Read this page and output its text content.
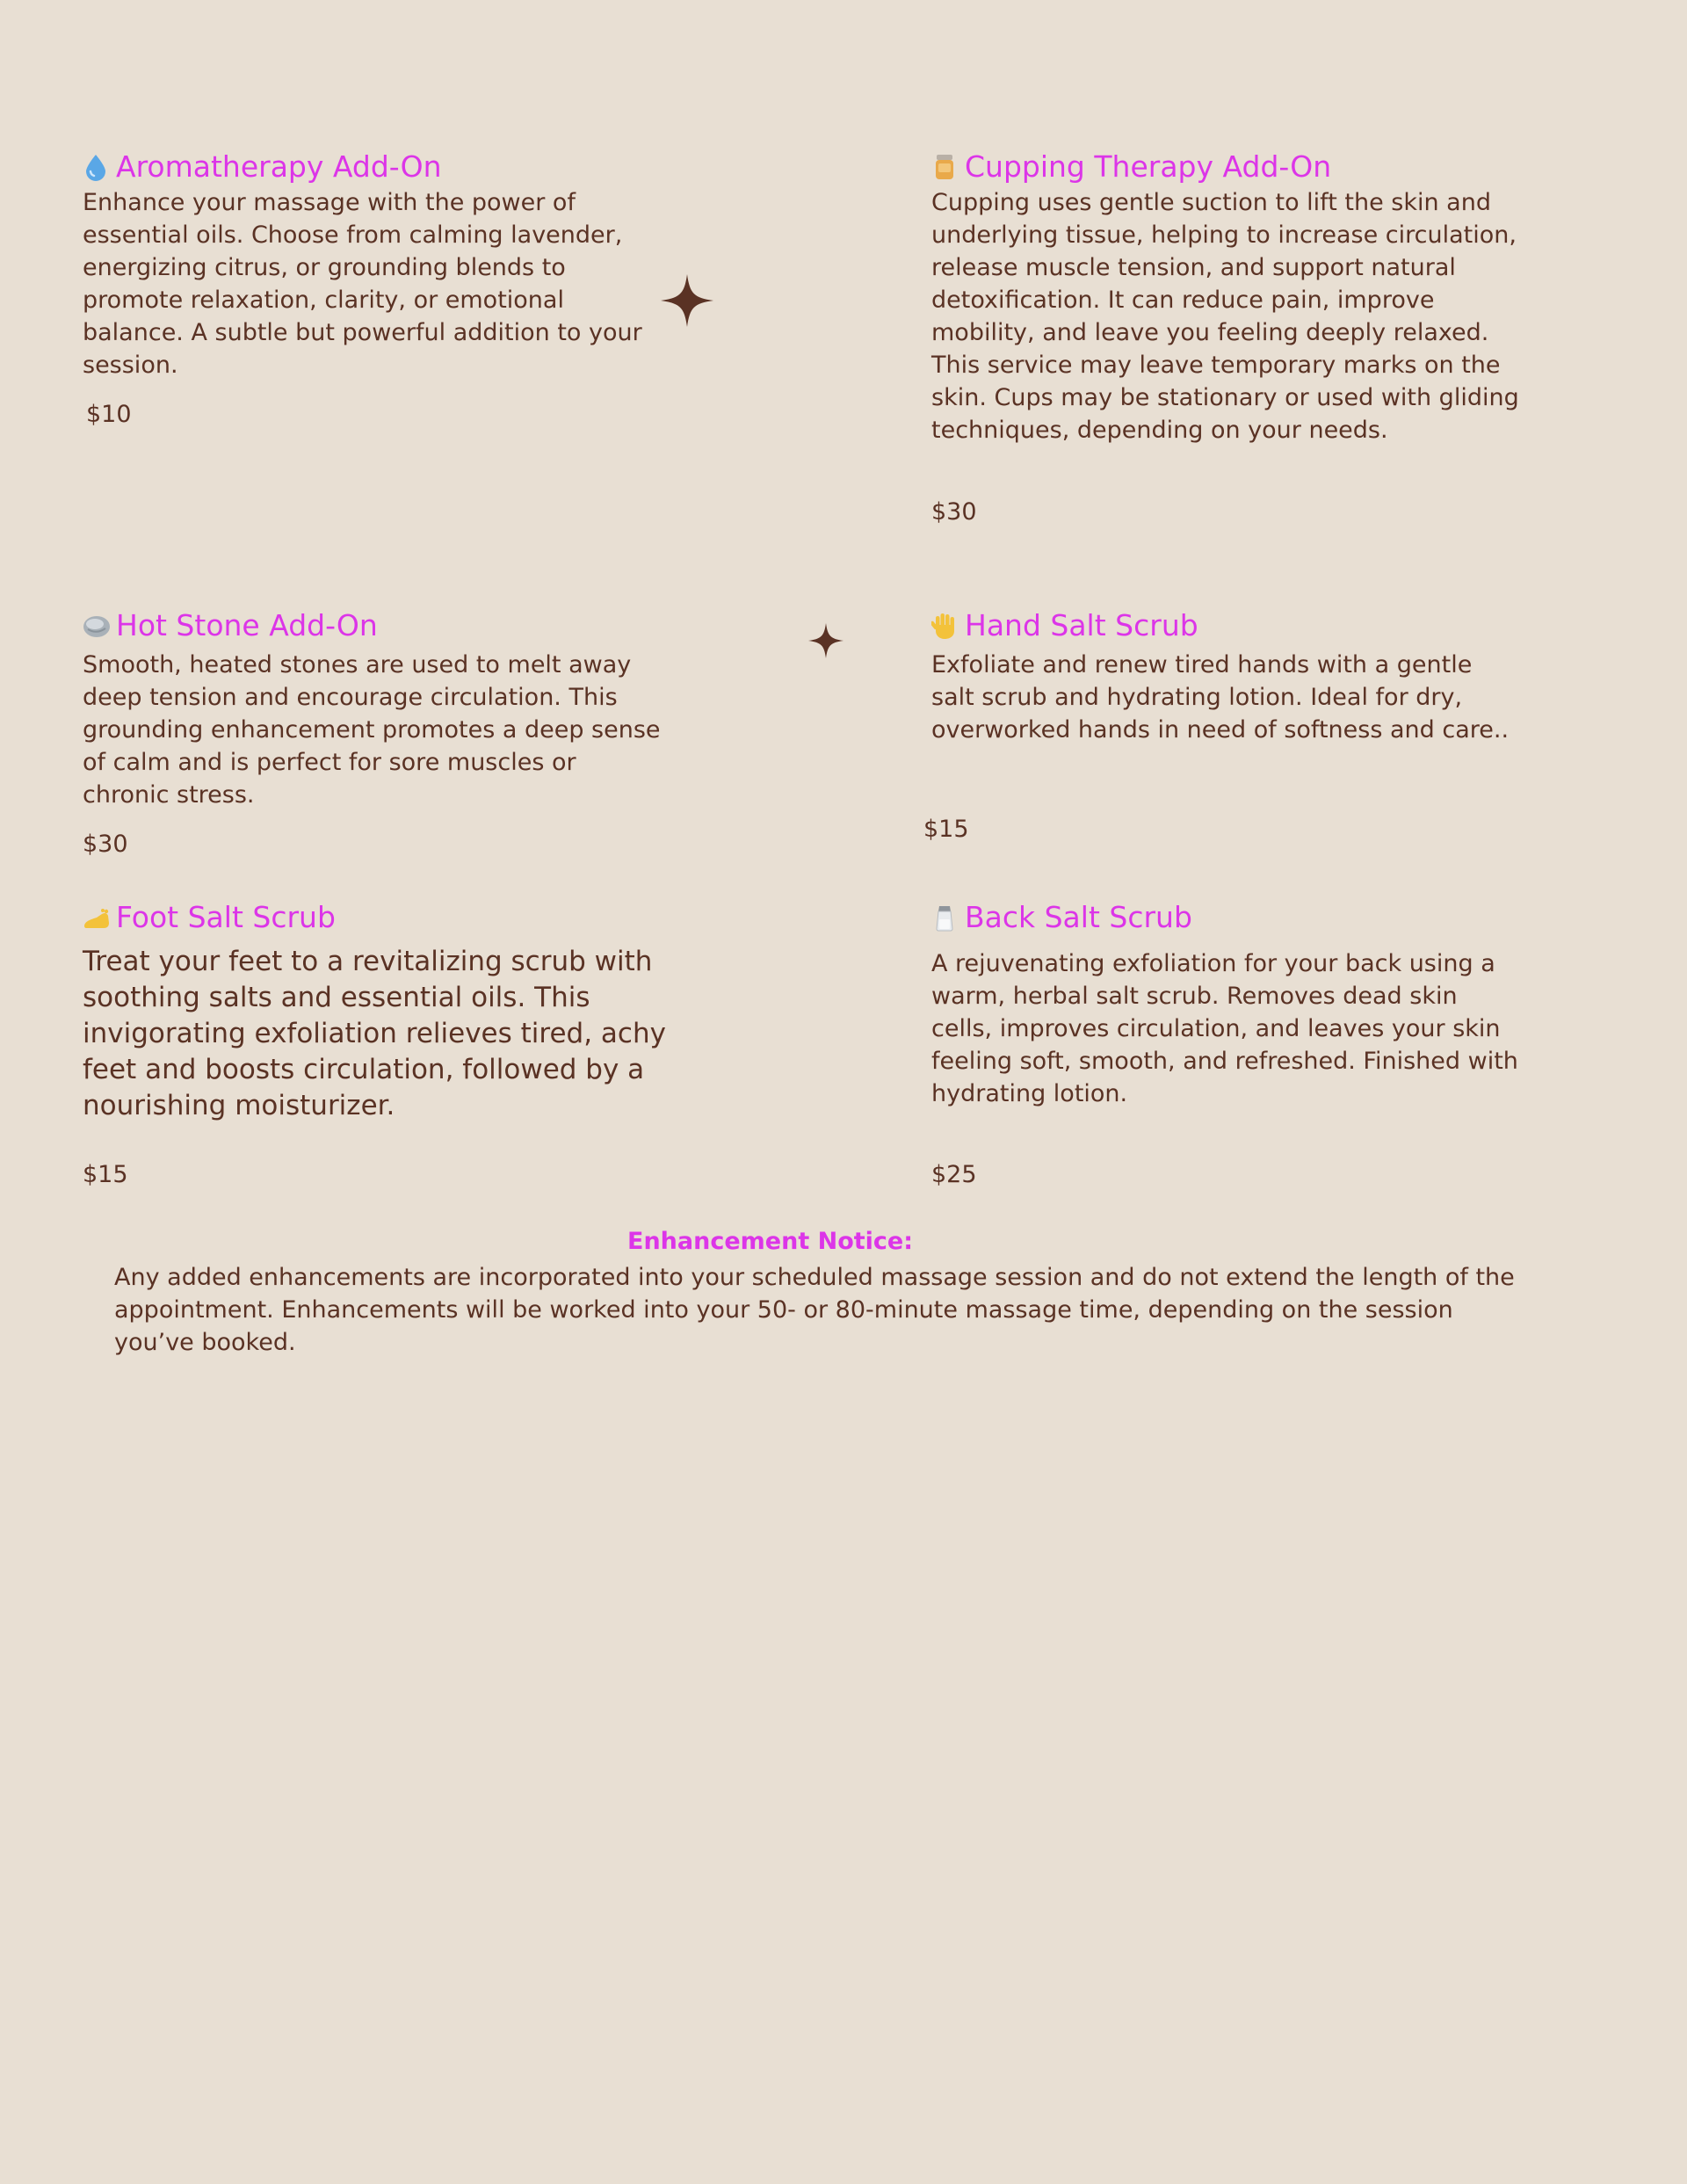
Aromatherapy Add-On

Enhance your massage with the power of essential oils. Choose from calming lavender, energizing citrus, or grounding blends to promote relaxation, clarity, or emotional balance. A subtle but powerful addition to your session.

$10
Cupping Therapy Add-On

Cupping uses gentle suction to lift the skin and underlying tissue, helping to increase circulation, release muscle tension, and support natural detoxification. It can reduce pain, improve mobility, and leave you feeling deeply relaxed.

This service may leave temporary marks on the skin. Cups may be stationary or used with gliding techniques, depending on your needs.

$30
Hot Stone Add-On

Smooth, heated stones are used to melt away deep tension and encourage circulation. This grounding enhancement promotes a deep sense of calm and is perfect for sore muscles or chronic stress.

$30
Hand Salt Scrub

Exfoliate and renew tired hands with a gentle salt scrub and hydrating lotion. Ideal for dry, overworked hands in need of softness and care..

$15
Foot Salt Scrub

Treat your feet to a revitalizing scrub with soothing salts and essential oils. This invigorating exfoliation relieves tired, achy feet and boosts circulation, followed by a nourishing moisturizer.

$15
Back Salt Scrub

A rejuvenating exfoliation for your back using a warm, herbal salt scrub. Removes dead skin cells, improves circulation, and leaves your skin feeling soft, smooth, and refreshed. Finished with hydrating lotion.

$25
Enhancement Notice:

Any added enhancements are incorporated into your scheduled massage session and do not extend the length of the appointment. Enhancements will be worked into your 50- or 80-minute massage time, depending on the session you’ve booked.
